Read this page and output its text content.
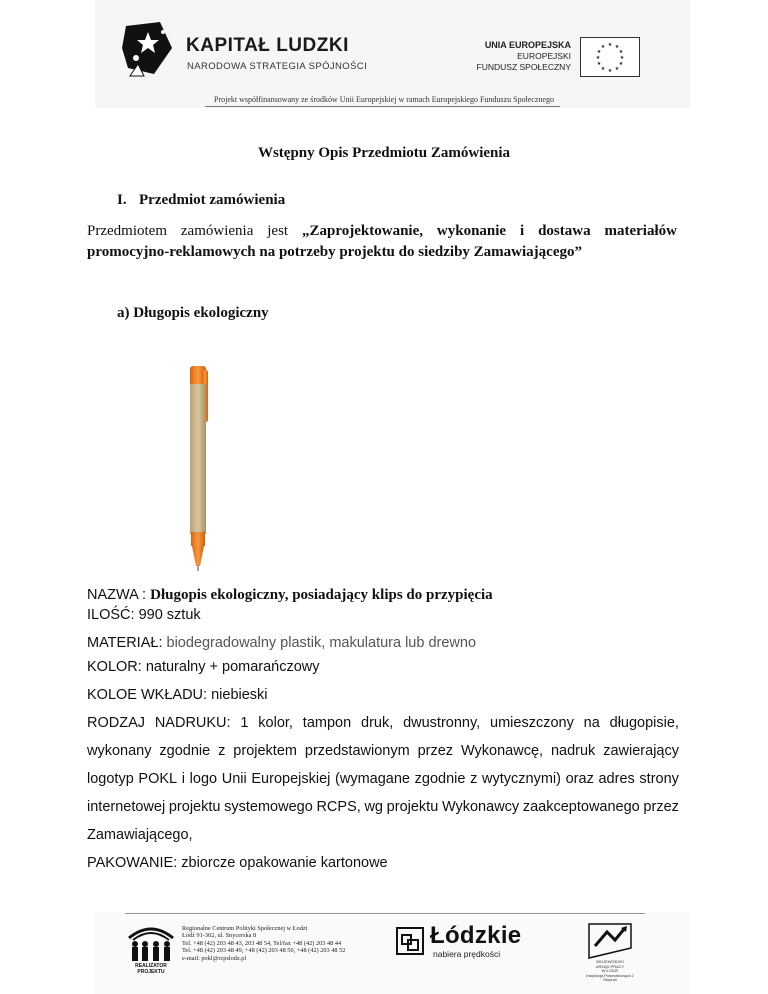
KAPITAŁ LUDZKI
NARODOWA STRATEGIA SPÓJNOŚCI
UNIA EUROPEJSKA
EUROPEJSKI
FUNDUSZ SPOŁECZNY
★ ★
★
★
★
★
★
★
★
★
★
★
Projekt współfinansowany ze środków Unii Europejskiej w ramach Europejskiego Funduszu Społecznego
Wstępny Opis Przedmiotu Zamówienia
I. Przedmiot zamówienia
Przedmiotem zamówienia jest „Zaprojektowanie, wykonanie i dostawa materiałów
promocyjno-reklamowych na potrzeby projektu do siedziby Zamawiającego”
a) Długopis ekologiczny
NAZWA : Długopis ekologiczny, posiadający klips do przypięcia
ILOŚĆ: 990 sztuk
MATERIAŁ: biodegradowalny plastik, makulatura lub drewno
KOLOR: naturalny + pomarańczowy
KOLOE WKŁADU: niebieski
RODZAJ NADRUKU: 1 kolor, tampon druk, dwustronny, umieszczony na długopisie,
wykonany zgodnie z projektem przedstawionym przez Wykonawcę, nadruk zawierający
logotyp POKL i logo Unii Europejskiej (wymagane zgodnie z wytycznymi) oraz adres strony
internetowej projektu systemowego RCPS, wg projektu Wykonawcy zaakceptowanego przez
Zamawiającego,
PAKOWANIE: zbiorcze opakowanie kartonowe
REALIZATOR PROJEKTU
Regionalne Centrum Polityki Społecznej w Łodzi
Łódź 91-302, ul. Snycerska 8
Tel. +48 (42) 203 48 43, 203 48 54, Tel/fax +48 (42) 203 48 44
Tel. +48 (42) 203 48 49, +48 (42) 203 48 50, +48 (42) 203 48 52
e-mail: pokl@rcpslodz.pl
Łódzkie
nabiera prędkości
WOJEWÓDZKI
URZĄD PRACY
W ŁODZI
Instytucja Pośrednicząca 2 Stopnia
